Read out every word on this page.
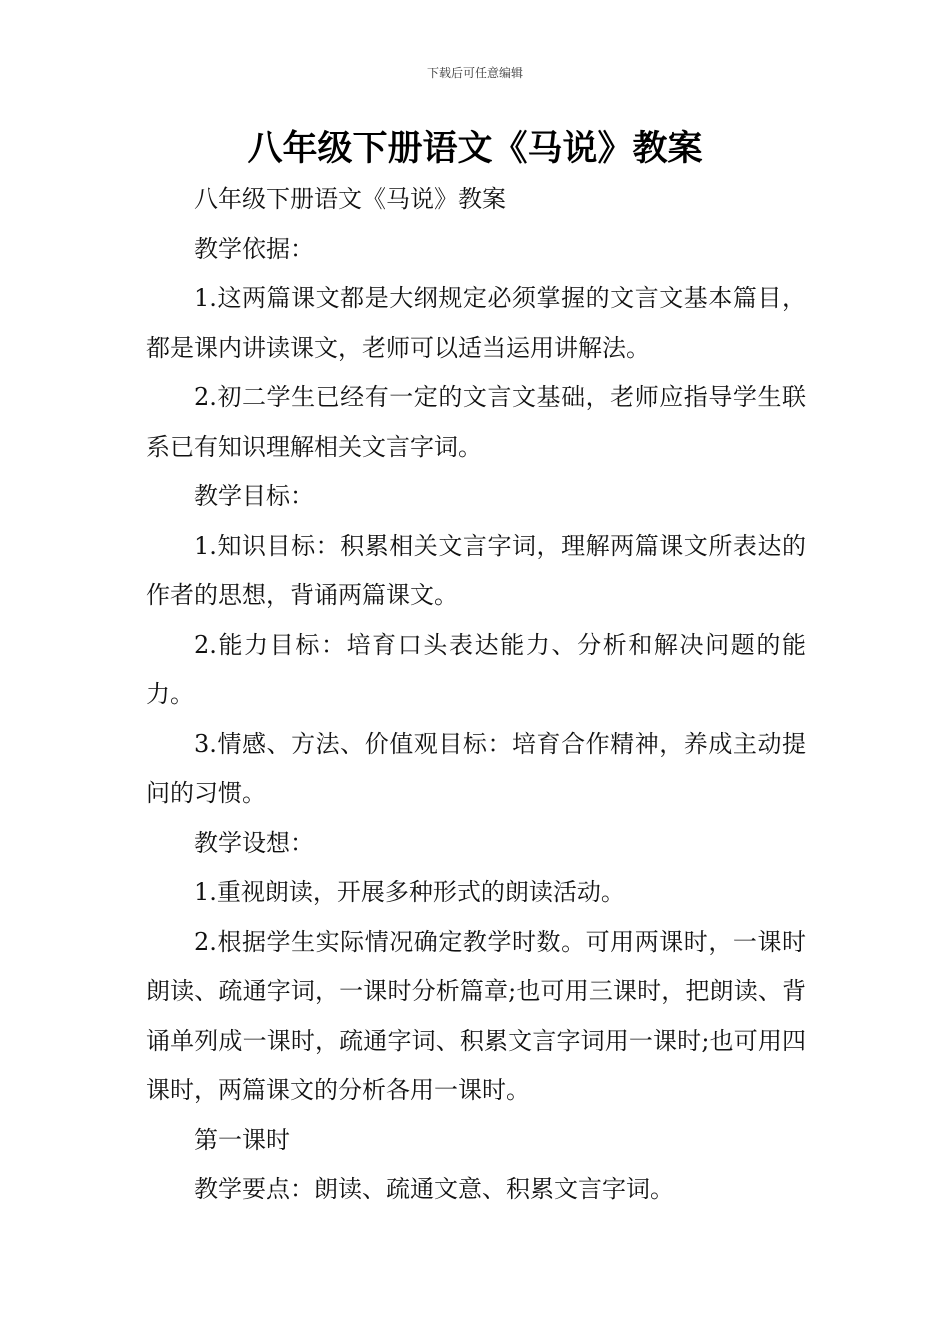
下载后可任意编辑
八年级下册语文《马说》教案

八年级下册语文《马说》教案

教学依据：

1.这两篇课文都是大纲规定必须掌握的文言文基本篇目，都是课内讲读课文，老师可以适当运用讲解法。

2.初二学生已经有一定的文言文基础，老师应指导学生联系已有知识理解相关文言字词。

教学目标：

1.知识目标：积累相关文言字词，理解两篇课文所表达的作者的思想，背诵两篇课文。

2.能力目标：培育口头表达能力、分析和解决问题的能力。

3.情感、方法、价值观目标：培育合作精神，养成主动提问的习惯。

教学设想：

1.重视朗读，开展多种形式的朗读活动。

2.根据学生实际情况确定教学时数。可用两课时，一课时朗读、疏通字词，一课时分析篇章;也可用三课时，把朗读、背诵单列成一课时，疏通字词、积累文言字词用一课时;也可用四课时，两篇课文的分析各用一课时。

第一课时

教学要点：朗读、疏通文意、积累文言字词。
